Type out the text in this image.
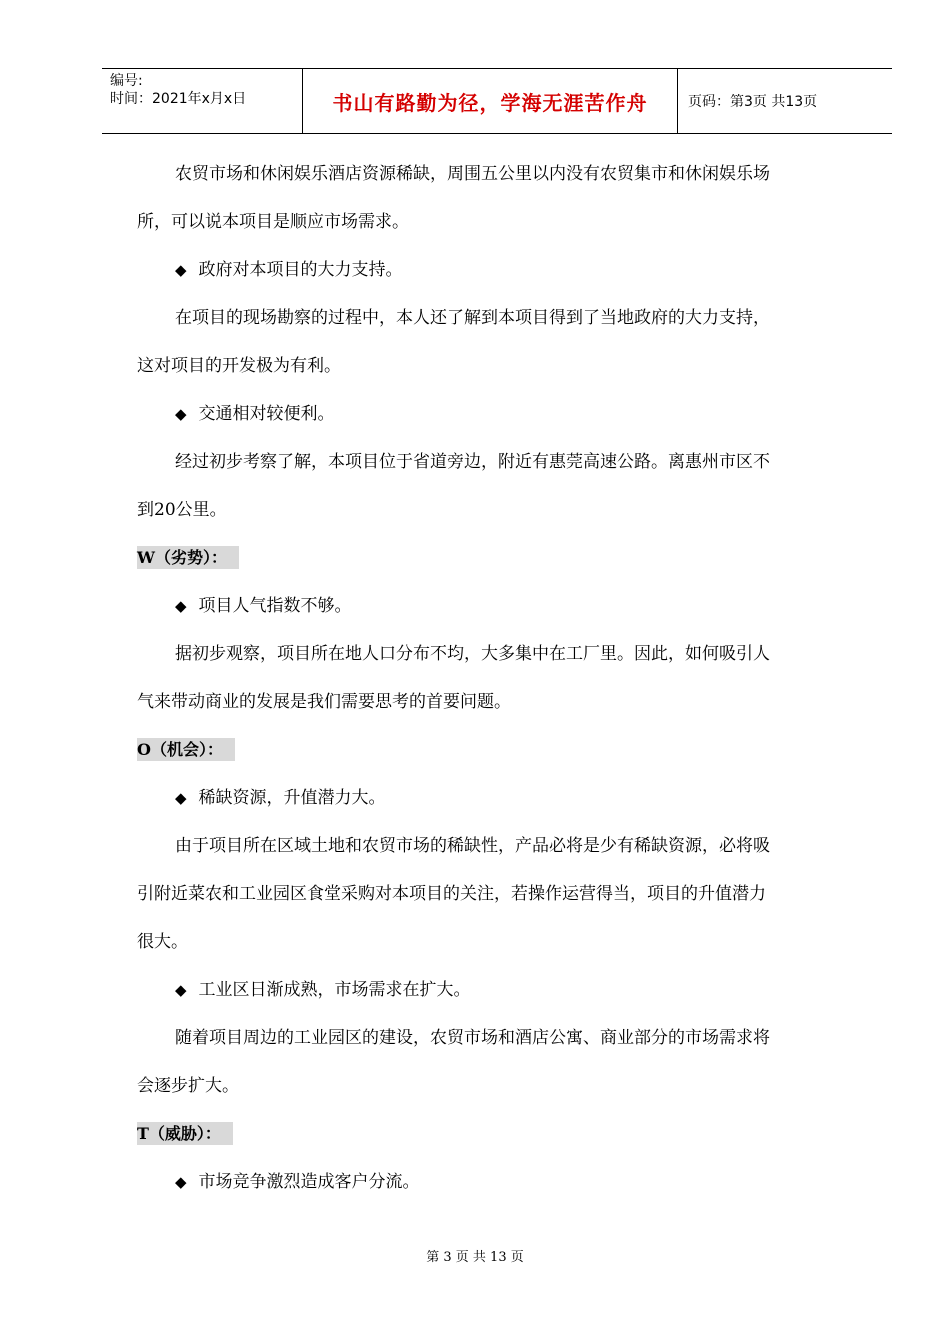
编号:
时间：2021年x月x日	书山有路勤为径，学海无涯苦作舟	页码：第3页 共13页

农贸市场和休闲娱乐酒店资源稀缺，周围五公里以内没有农贸集市和休闲娱乐场

所，可以说本项目是顺应市场需求。

◆ 政府对本项目的大力支持。

在项目的现场勘察的过程中，本人还了解到本项目得到了当地政府的大力支持，

这对项目的开发极为有利。

◆ 交通相对较便利。

经过初步考察了解，本项目位于省道旁边，附近有惠莞高速公路。离惠州市区不

到20公里。

W（劣势）：

◆ 项目人气指数不够。

据初步观察，项目所在地人口分布不均，大多集中在工厂里。因此，如何吸引人

气来带动商业的发展是我们需要思考的首要问题。

O（机会）：

◆ 稀缺资源，升值潜力大。

由于项目所在区域土地和农贸市场的稀缺性，产品必将是少有稀缺资源，必将吸

引附近菜农和工业园区食堂采购对本项目的关注，若操作运营得当，项目的升值潜力

很大。

◆ 工业区日渐成熟，市场需求在扩大。

随着项目周边的工业园区的建设，农贸市场和酒店公寓、商业部分的市场需求将

会逐步扩大。

T（威胁）：

◆ 市场竞争激烈造成客户分流。

第 3 页 共 13 页
